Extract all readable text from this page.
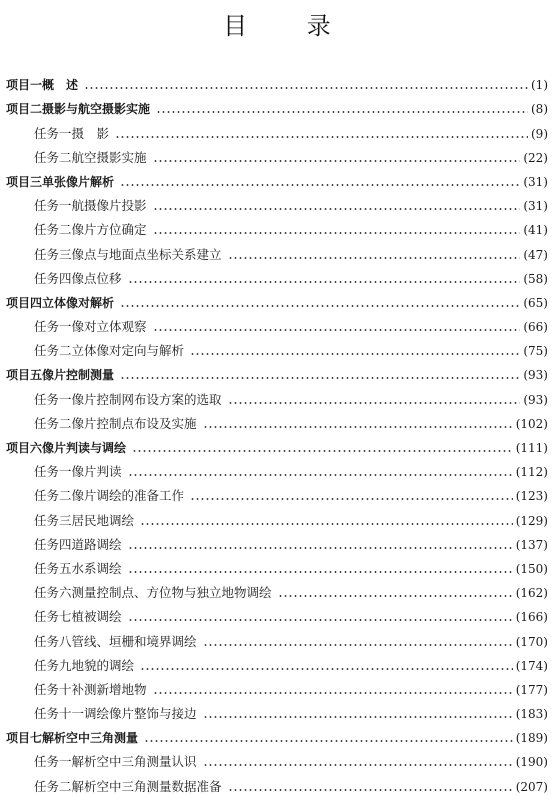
目 录
项目一概　述	(1)
项目二摄影与航空摄影实施	(8)
任务一摄　影	(9)
任务二航空摄影实施	(22)
项目三单张像片解析	(31)
任务一航摄像片投影	(31)
任务二像片方位确定	(41)
任务三像点与地面点坐标关系建立	(47)
任务四像点位移	(58)
项目四立体像对解析	(65)
任务一像对立体观察	(66)
任务二立体像对定向与解析	(75)
项目五像片控制测量	(93)
任务一像片控制网布设方案的选取	(93)
任务二像片控制点布设及实施	(102)
项目六像片判读与调绘	(111)
任务一像片判读	(112)
任务二像片调绘的准备工作	(123)
任务三居民地调绘	(129)
任务四道路调绘	(137)
任务五水系调绘	(150)
任务六测量控制点、方位物与独立地物调绘	(162)
任务七植被调绘	(166)
任务八管线、垣栅和境界调绘	(170)
任务九地貌的调绘	(174)
任务十补测新增地物	(177)
任务十一调绘像片整饰与接边	(183)
项目七解析空中三角测量	(189)
任务一解析空中三角测量认识	(190)
任务二解析空中三角测量数据准备	(207)
